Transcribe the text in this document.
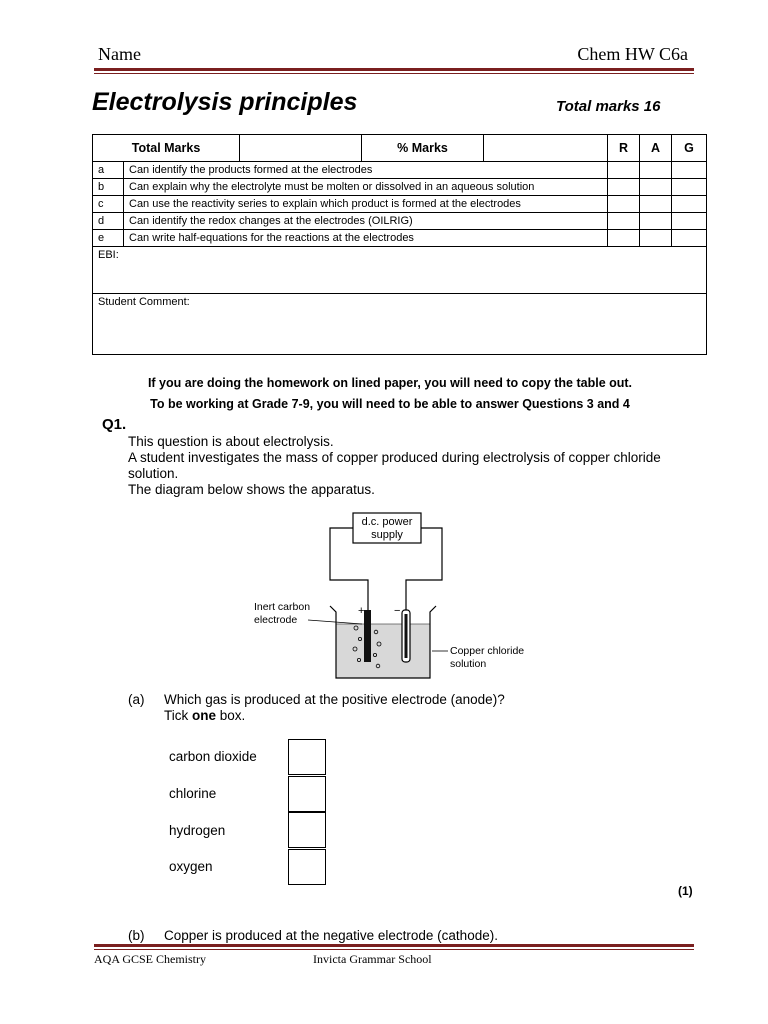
Name	Chem HW C6a
Electrolysis principles	Total marks 16
Total Marks			% Marks		R	A	G
a	Can identify the products formed at the electrodes						
b	Can explain why the electrolyte must be molten or dissolved in an aqueous solution						
c	Can use the reactivity series to explain which product is formed at the electrodes						
d	Can identify the redox changes at the electrodes (OILRIG)						
e	Can write half-equations for the reactions at the electrodes						
EBI:							
Student Comment:							
If you are doing the homework on lined paper, you will need to copy the table out.
To be working at Grade 7-9, you will need to be able to answer Questions 3 and 4
Q1.
This question is about electrolysis.
A student investigates the mass of copper produced during electrolysis of copper chloride solution.
The diagram below shows the apparatus.
d.c. power
supply
+	−
Inert carbon
electrode
Copper chloride
solution
(a) Which gas is produced at the positive electrode (anode)?
Tick one box.
carbon dioxide
chlorine
hydrogen
oxygen
(1)
(b) Copper is produced at the negative electrode (cathode).
AQA GCSE Chemistry	Invicta Grammar School
